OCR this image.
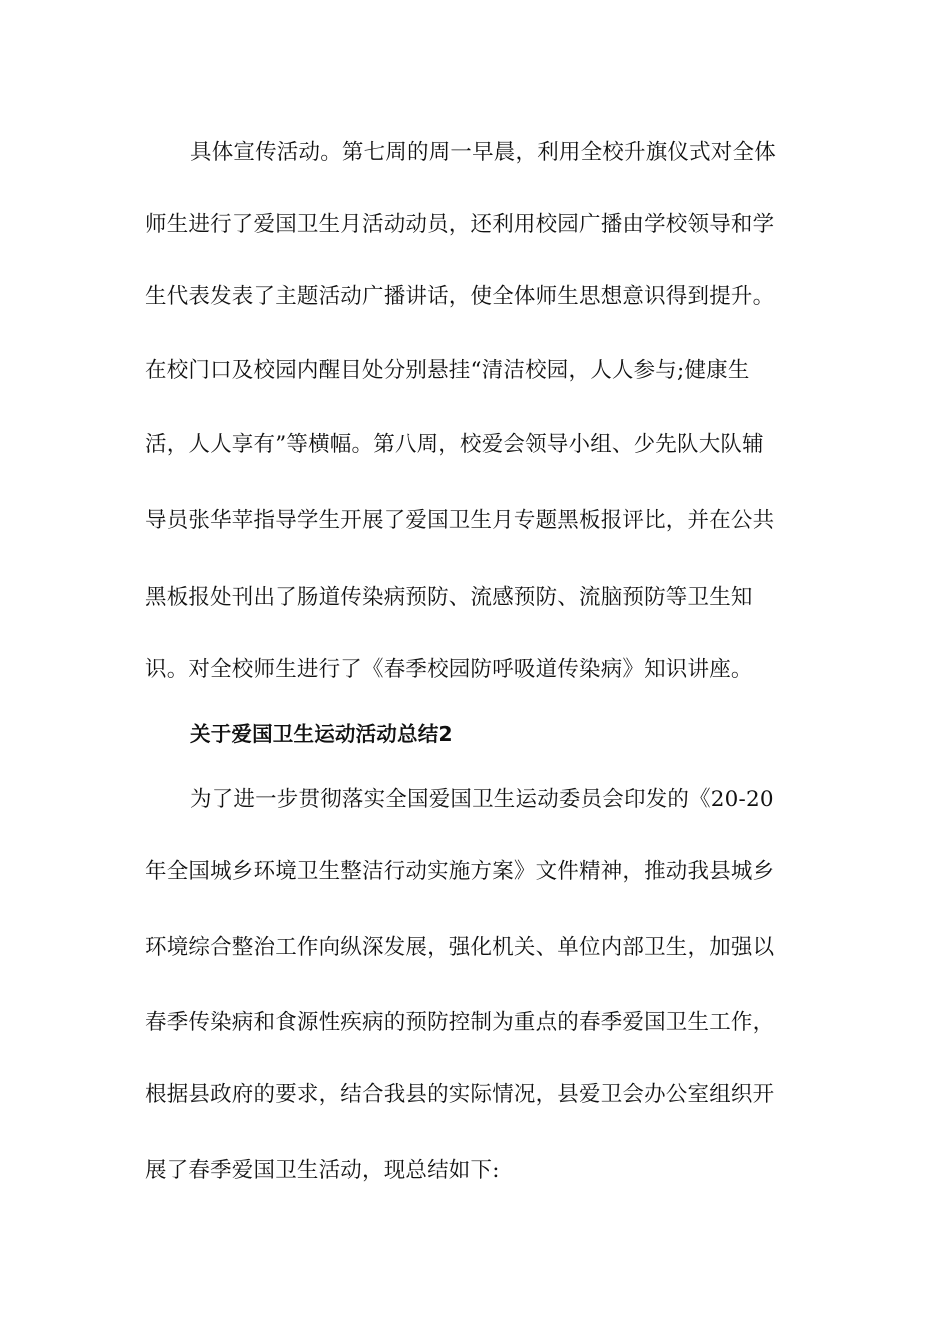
具体宣传活动。第七周的周一早晨，利用全校升旗仪式对全体
师生进行了爱国卫生月活动动员，还利用校园广播由学校领导和学
生代表发表了主题活动广播讲话，使全体师生思想意识得到提升。
在校门口及校园内醒目处分别悬挂“清洁校园，人人参与;健康生
活，人人享有”等横幅。第八周，校爱会领导小组、少先队大队辅
导员张华苹指导学生开展了爱国卫生月专题黑板报评比，并在公共
黑板报处刊出了肠道传染病预防、流感预防、流脑预防等卫生知
识。对全校师生进行了《春季校园防呼吸道传染病》知识讲座。
关于爱国卫生运动活动总结2
为了进一步贯彻落实全国爱国卫生运动委员会印发的《20-20
年全国城乡环境卫生整洁行动实施方案》文件精神，推动我县城乡
环境综合整治工作向纵深发展，强化机关、单位内部卫生，加强以
春季传染病和食源性疾病的预防控制为重点的春季爱国卫生工作，
根据县政府的要求，结合我县的实际情况，县爱卫会办公室组织开
展了春季爱国卫生活动，现总结如下:
